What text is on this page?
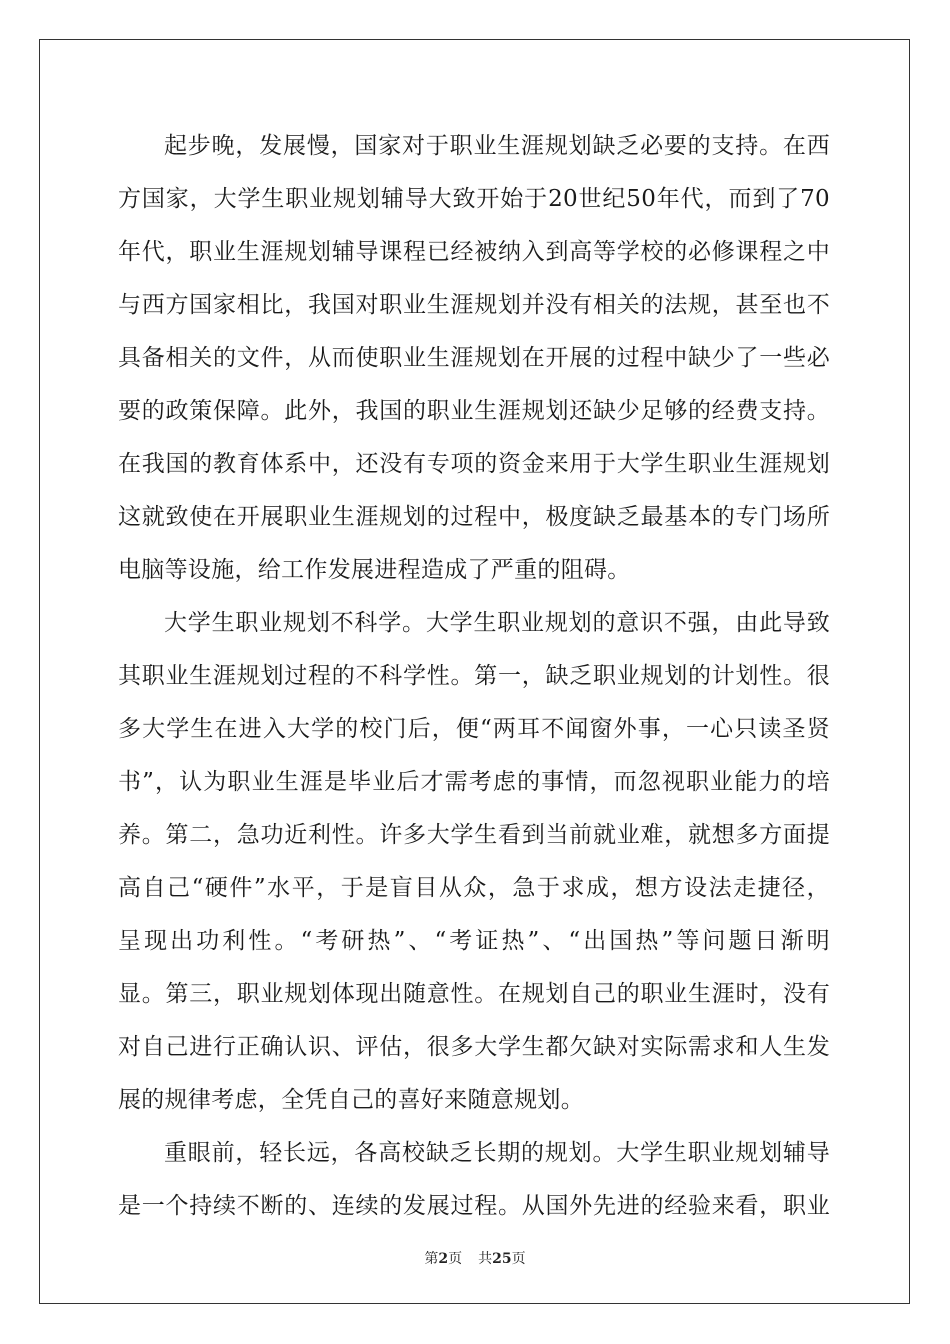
起步晚，发展慢，国家对于职业生涯规划缺乏必要的支持。在西
方国家，大学生职业规划辅导大致开始于20世纪50年代，而到了70
年代，职业生涯规划辅导课程已经被纳入到高等学校的必修课程之中
与西方国家相比，我国对职业生涯规划并没有相关的法规，甚至也不
具备相关的文件，从而使职业生涯规划在开展的过程中缺少了一些必
要的政策保障。此外，我国的职业生涯规划还缺少足够的经费支持。
在我国的教育体系中，还没有专项的资金来用于大学生职业生涯规划
这就致使在开展职业生涯规划的过程中，极度缺乏最基本的专门场所
电脑等设施，给工作发展进程造成了严重的阻碍。
大学生职业规划不科学。大学生职业规划的意识不强，由此导致
其职业生涯规划过程的不科学性。第一，缺乏职业规划的计划性。很
多大学生在进入大学的校门后，便“两耳不闻窗外事，一心只读圣贤
书”，认为职业生涯是毕业后才需考虑的事情，而忽视职业能力的培
养。第二，急功近利性。许多大学生看到当前就业难，就想多方面提
高自己“硬件”水平，于是盲目从众，急于求成，想方设法走捷径，
呈现出功利性。“考研热”、“考证热”、“出国热”等问题日渐明
显。第三，职业规划体现出随意性。在规划自己的职业生涯时，没有
对自己进行正确认识、评估，很多大学生都欠缺对实际需求和人生发
展的规律考虑，全凭自己的喜好来随意规划。
重眼前，轻长远，各高校缺乏长期的规划。大学生职业规划辅导
是一个持续不断的、连续的发展过程。从国外先进的经验来看，职业
第2页 共25页
